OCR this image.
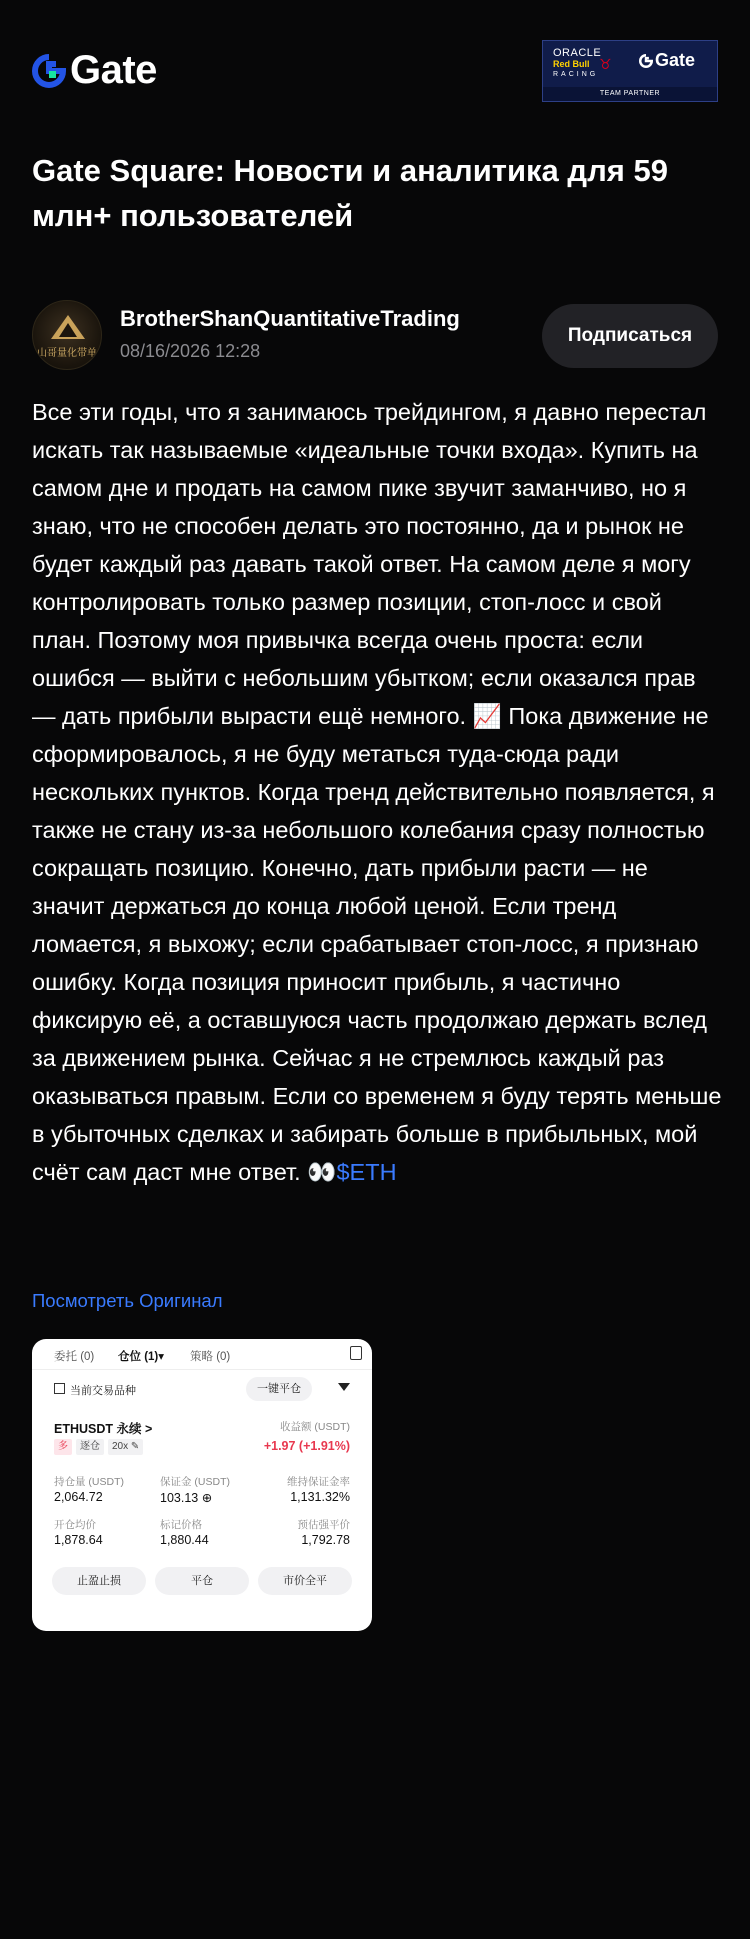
Gate	ORACLE
Red Bull ♉
RACING
Gate
TEAM PARTNER
Gate Square: Новости и аналитика для 59 млн+ пользователей
山哥量化带单
BrotherShanQuantitativeTrading
08/16/2026 12:28
Подписаться

Все эти годы, что я занимаюсь трейдингом, я давно перестал искать так называемые «идеальные точки входа». Купить на самом дне и продать на самом пике звучит заманчиво, но я знаю, что не способен делать это постоянно, да и рынок не будет каждый раз давать такой ответ. На самом деле я могу контролировать только размер позиции, стоп-лосс и свой план. Поэтому моя привычка всегда очень проста: если ошибся — выйти с небольшим убытком; если оказался прав — дать прибыли вырасти ещё немного. 📈 Пока движение не сформировалось, я не буду метаться туда-сюда ради нескольких пунктов. Когда тренд действительно появляется, я также не стану из-за небольшого колебания сразу полностью сокращать позицию. Конечно, дать прибыли расти — не значит держаться до конца любой ценой. Если тренд ломается, я выхожу; если срабатывает стоп-лосс, я признаю ошибку. Когда позиция приносит прибыль, я частично фиксирую её, а оставшуюся часть продолжаю держать вслед за движением рынка. Сейчас я не стремлюсь каждый раз оказываться правым. Если со временем я буду терять меньше в убыточных сделках и забирать больше в прибыльных, мой счёт сам даст мне ответ. 👀$ETH

Посмотреть Оригинал
委托 (0) 仓位 (1)▾ 策略 (0)
当前交易品种	一键平仓
ETHUSDT 永续 >
多	逐仓	20x ✎
收益额 (USDT)
+1.97 (+1.91%)
持仓量 (USDT)
2,064.72
保证金 (USDT)
103.13 ⊕
维持保证金率
1,131.32%
开仓均价
1,878.64
标记价格
1,880.44
预估强平价
1,792.78
止盈止损	平仓	市价全平
